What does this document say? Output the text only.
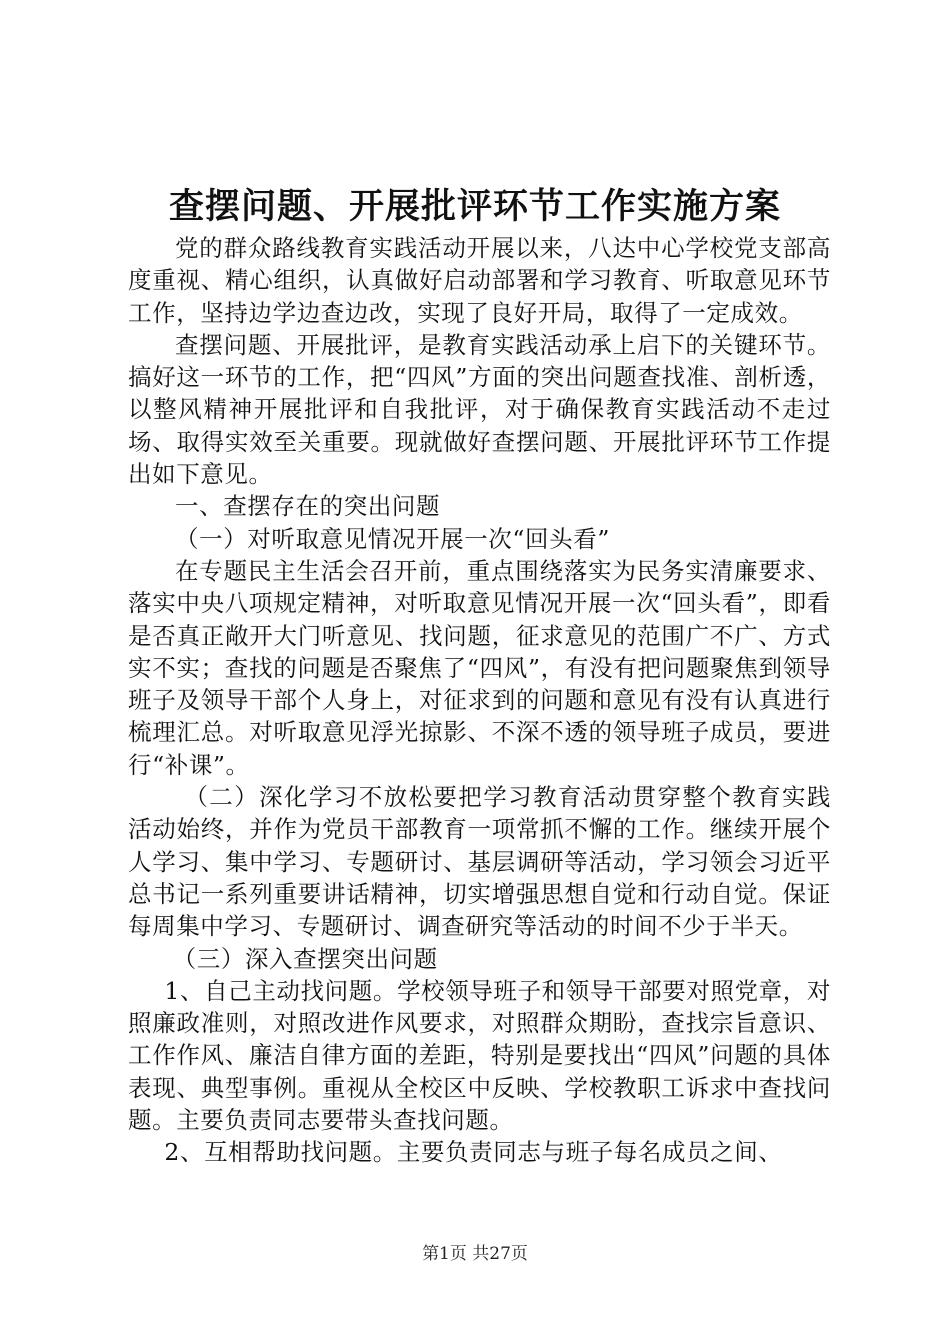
查摆问题、开展批评环节工作实施方案

党的群众路线教育实践活动开展以来，八达中心学校党支部高度重视、精心组织，认真做好启动部署和学习教育、听取意见环节工作，坚持边学边查边改，实现了良好开局，取得了一定成效。

查摆问题、开展批评，是教育实践活动承上启下的关键环节。搞好这一环节的工作，把“四风”方面的突出问题查找准、剖析透，以整风精神开展批评和自我批评，对于确保教育实践活动不走过场、取得实效至关重要。现就做好查摆问题、开展批评环节工作提出如下意见。

一、查摆存在的突出问题

（一）对听取意见情况开展一次“回头看”

在专题民主生活会召开前，重点围绕落实为民务实清廉要求、落实中央八项规定精神，对听取意见情况开展一次“回头看”，即看是否真正敞开大门听意见、找问题，征求意见的范围广不广、方式实不实；查找的问题是否聚焦了“四风”，有没有把问题聚焦到领导班子及领导干部个人身上，对征求到的问题和意见有没有认真进行梳理汇总。对听取意见浮光掠影、不深不透的领导班子成员，要进行“补课”。

（二）深化学习不放松要把学习教育活动贯穿整个教育实践活动始终，并作为党员干部教育一项常抓不懈的工作。继续开展个人学习、集中学习、专题研讨、基层调研等活动，学习领会习近平总书记一系列重要讲话精神，切实增强思想自觉和行动自觉。保证每周集中学习、专题研讨、调查研究等活动的时间不少于半天。

（三）深入查摆突出问题

1、自己主动找问题。学校领导班子和领导干部要对照党章，对照廉政准则，对照改进作风要求，对照群众期盼，查找宗旨意识、工作作风、廉洁自律方面的差距，特别是要找出“四风”问题的具体表现、典型事例。重视从全校区中反映、学校教职工诉求中查找问题。主要负责同志要带头查找问题。

2、互相帮助找问题。主要负责同志与班子每名成员之间、

第1页 共27页
